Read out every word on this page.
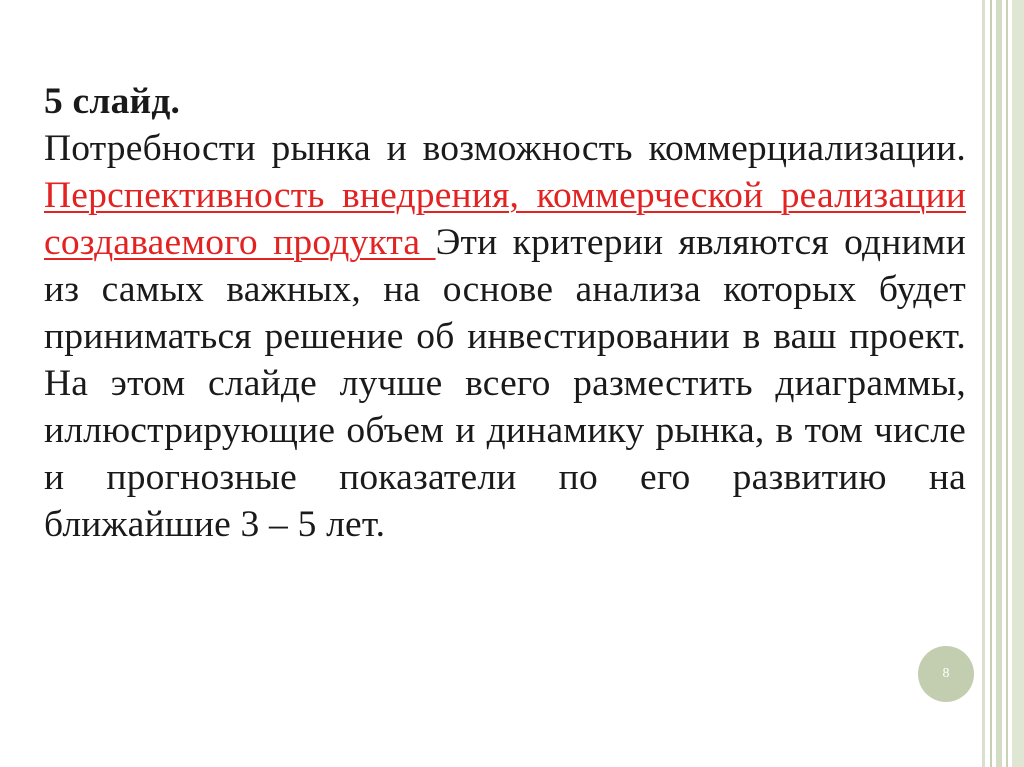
5 слайд.

Потребности рынка и возможность коммерциализации. Перспективность внедрения, коммерческой реализации создаваемого продукта Эти критерии являются одними из самых важных, на основе анализа которых будет приниматься решение об инвестировании в ваш проект. На этом слайде лучше всего разместить диаграммы, иллюстрирующие объем и динамику рынка, в том числе и прогнозные показатели по его развитию на ближайшие 3 – 5 лет.

8
